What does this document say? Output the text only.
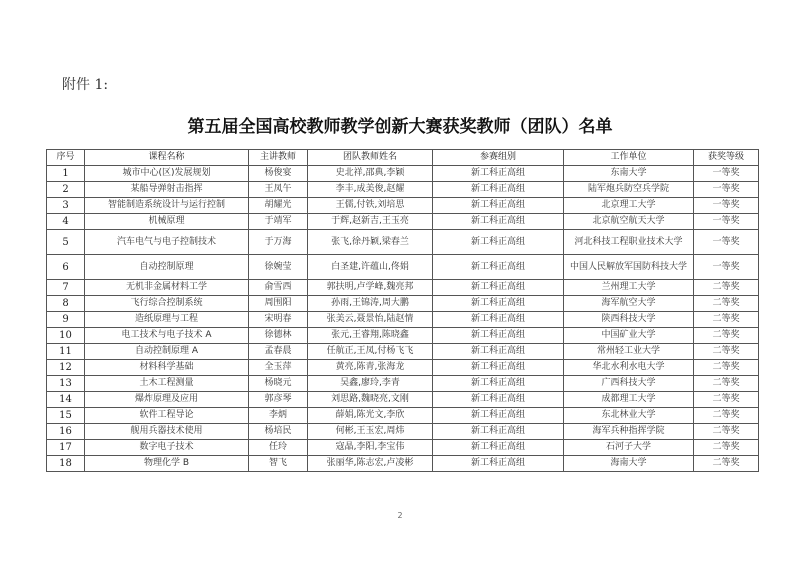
附件 1:
第五届全国高校教师教学创新大赛获奖教师（团队）名单
序号	课程名称	主讲教师	团队教师姓名	参赛组别	工作单位	获奖等级
1	城市中心(区)发展规划	杨俊宴	史北祥,邵典,李颖	新工科正高组	东南大学	一等奖
2	某船导弹射击指挥	王凤午	李丰,成美俊,赵耀	新工科正高组	陆军炮兵防空兵学院	一等奖
3	智能制造系统设计与运行控制	胡耀光	王儒,付铁,刘培思	新工科正高组	北京理工大学	一等奖
4	机械原理	于靖军	于辉,赵新吉,王玉亮	新工科正高组	北京航空航天大学	一等奖
5	汽车电气与电子控制技术	于万海	张飞,徐丹颖,梁春兰	新工科正高组	河北科技工程职业技术大学	一等奖
6	自动控制原理	徐婉莹	白圣建,许蕴山,佟娟	新工科正高组	中国人民解放军国防科技大学	一等奖
7	无机非金属材料工学	俞雪西	郭扶明,卢学峰,魏亮邦	新工科正高组	兰州理工大学	二等奖
8	飞行综合控制系统	周围阳	孙雨,王锦涛,周大鹏	新工科正高组	海军航空大学	二等奖
9	造纸原理与工程	宋明春	张美云,聂景怡,陆赵情	新工科正高组	陕西科技大学	二等奖
10	电工技术与电子技术 A	徐德林	张元,王睿翔,陈晓鑫	新工科正高组	中国矿业大学	二等奖
11	自动控制原理 A	孟春晨	任航正,王凤,付杨飞飞	新工科正高组	常州轻工业大学	二等奖
12	材料科学基础	全玉萍	黄亮,陈青,张海龙	新工科正高组	华北水利水电大学	二等奖
13	土木工程测量	杨晓元	吴鑫,廖玲,李青	新工科正高组	广西科技大学	二等奖
14	爆炸原理及应用	郭彦琴	刘思路,魏晓亮,文刚	新工科正高组	成都理工大学	二等奖
15	软件工程导论	李炳	薛娟,陈光文,李欣	新工科正高组	东北林业大学	二等奖
16	舰用兵器技术使用	杨培民	何彬,王玉宏,周炜	新工科正高组	海军兵种指挥学院	二等奖
17	数字电子技术	任玲	寇晶,李阳,李宝伟	新工科正高组	石河子大学	二等奖
18	物理化学 B	智飞	张丽华,陈志宏,卢凌彬	新工科正高组	海南大学	二等奖
2
